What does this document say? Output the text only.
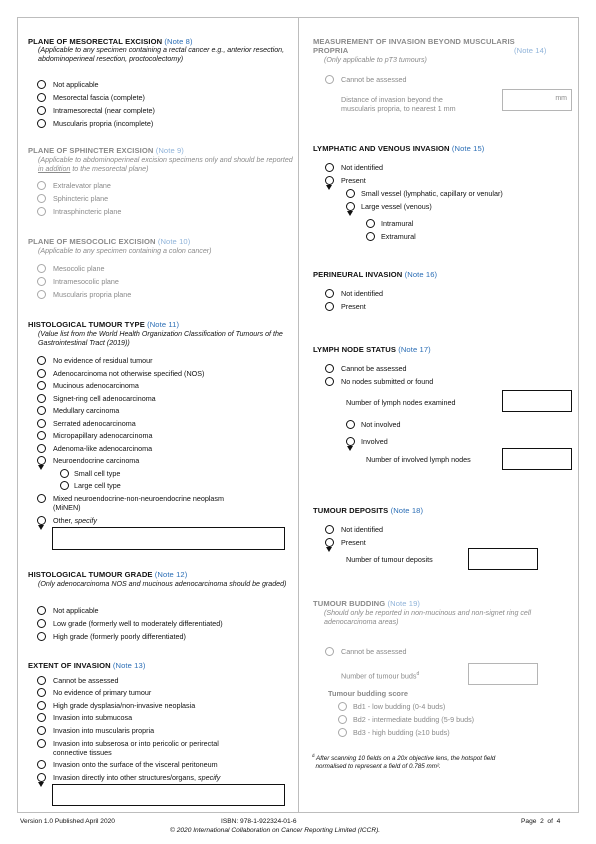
PLANE OF MESORECTAL EXCISION (Note 8)
(Applicable to any specimen containing a rectal cancer e.g., anterior resection, abdominoperineal resection, proctocolectomy)
Not applicable
Mesorectal fascia (complete)
Intramesorectal (near complete)
Muscularis propria (incomplete)
PLANE OF SPHINCTER EXCISION (Note 9)
(Applicable to abdominoperineal excision specimens only and should be reported in addition to the mesorectal plane)
Extralevator plane
Sphincteric plane
Intrasphincteric plane
PLANE OF MESOCOLIC EXCISION (Note 10)
(Applicable to any specimen containing a colon cancer)
Mesocolic plane
Intramesocolic plane
Muscularis propria plane
HISTOLOGICAL TUMOUR TYPE (Note 11)
(Value list from the World Health Organization Classification of Tumours of the Gastrointestinal Tract (2019))
No evidence of residual tumour
Adenocarcinoma not otherwise specified (NOS)
Mucinous adenocarcinoma
Signet-ring cell adenocarcinoma
Medullary carcinoma
Serrated adenocarcinoma
Micropapillary adenocarcinoma
Adenoma-like adenocarcinoma
Neuroendocrine carcinoma
Small cell type
Large cell type
Mixed neuroendocrine-non-neuroendocrine neoplasm
(MiNEN)
Other, specify
HISTOLOGICAL TUMOUR GRADE (Note 12)
(Only adenocarcinoma NOS and mucinous adenocarcinoma should be graded)
Not applicable
Low grade (formerly well to moderately differentiated)
High grade (formerly poorly differentiated)
EXTENT OF INVASION (Note 13)
Cannot be assessed
No evidence of primary tumour
High grade dysplasia/non-invasive neoplasia
Invasion into submucosa
Invasion into muscularis propria
Invasion into subserosa or into pericolic or perirectal
connective tissues
Invasion onto the surface of the visceral peritoneum
Invasion directly into other structures/organs, specify
MEASUREMENT OF INVASION BEYOND MUSCULARIS
PROPRIA	(Note 14)
(Only applicable to pT3 tumours)
Cannot be assessed
Distance of invasion beyond the
muscularis propria, to nearest 1 mm
mm
LYMPHATIC AND VENOUS INVASION (Note 15)
Not identified
Present
Small vessel (lymphatic, capillary or venular)
Large vessel (venous)
Intramural
Extramural
PERINEURAL INVASION (Note 16)
Not identified
Present
LYMPH NODE STATUS (Note 17)
Cannot be assessed
No nodes submitted or found
Number of lymph nodes examined
Not involved
Involved
Number of involved lymph nodes
TUMOUR DEPOSITS (Note 18)
Not identified
Present
Number of tumour deposits
TUMOUR BUDDING (Note 19)
(Should only be reported in non-mucinous and non-signet ring cell adenocarcinoma areas)
Cannot be assessed
Number of tumour buds$^d$
Tumour budding score
Bd1 - low budding (0-4 buds)
Bd2 - intermediate budding (5-9 buds)
Bd3 - high budding (≥10 buds)
$^d$ After scanning 10 fields on a 20x objective lens, the hotspot field
normalised to represent a field of 0.785 mm².
Version 1.0 Published April 2020	ISBN: 978-1-922324-01-6	Page 2 of 4
© 2020 International Collaboration on Cancer Reporting Limited (ICCR).
